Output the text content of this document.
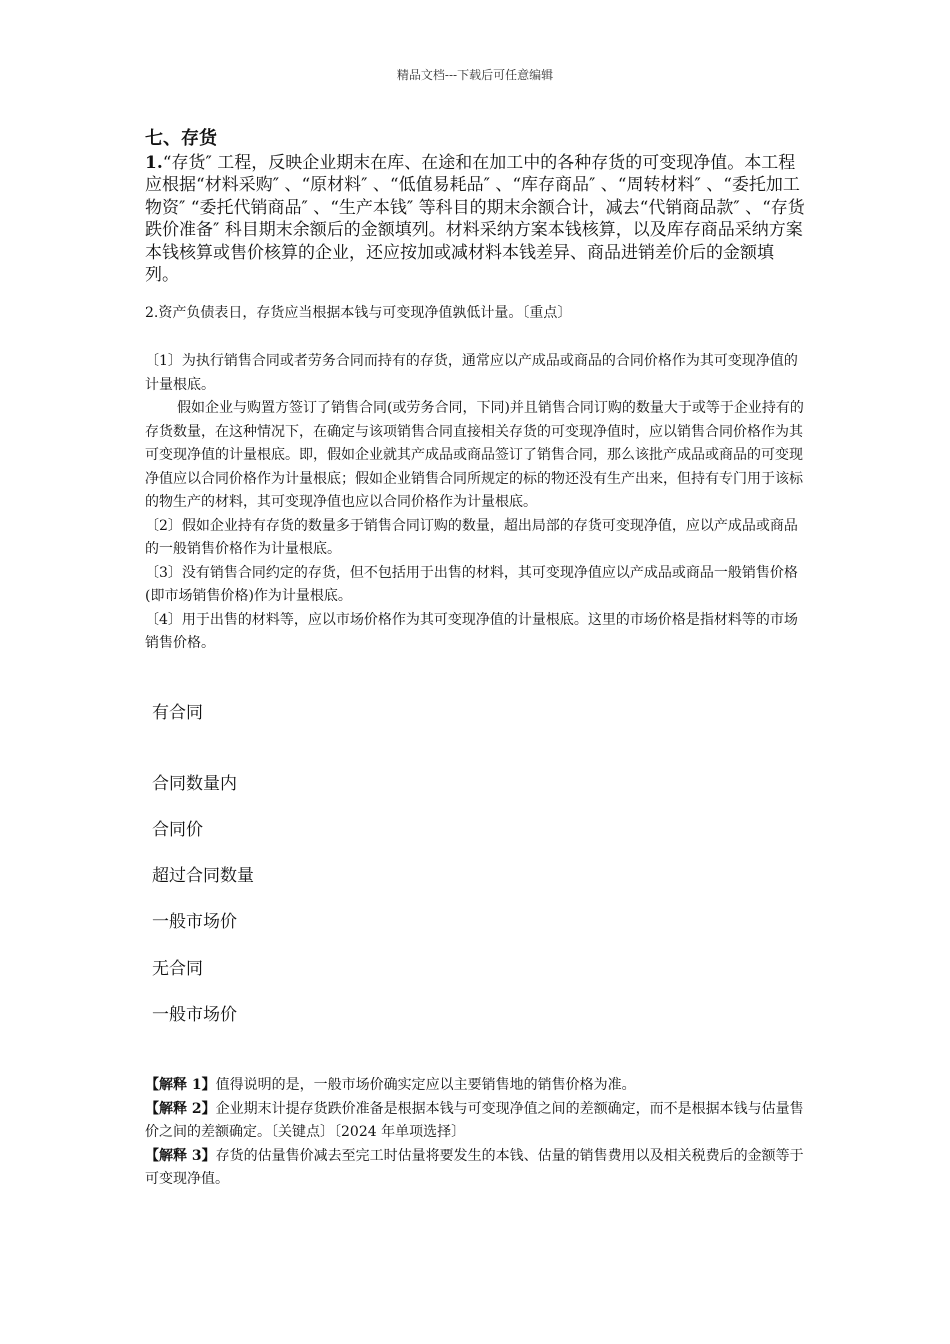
精品文档---下载后可任意编辑
七、存货
1.“存货″ 工程，反映企业期末在库、在途和在加工中的各种存货的可变现净值。本工程应根据“材料采购″ 、“原材料″ 、“低值易耗品″ 、“库存商品″ 、“周转材料″ 、“委托加工物资″ “委托代销商品″ 、“生产本钱″ 等科目的期末余额合计，减去“代销商品款″ 、“存货跌价准备″ 科目期末余额后的金额填列。材料采纳方案本钱核算，以及库存商品采纳方案本钱核算或售价核算的企业，还应按加或减材料本钱差异、商品进销差价后的金额填列。
2.资产负债表日，存货应当根据本钱与可变现净值孰低计量。〔重点〕

〔1〕为执行销售合同或者劳务合同而持有的存货，通常应以产成品或商品的合同价格作为其可变现净值的计量根底。

假如企业与购置方签订了销售合同(或劳务合同，下同)并且销售合同订购的数量大于或等于企业持有的存货数量，在这种情况下，在确定与该项销售合同直接相关存货的可变现净值时，应以销售合同价格作为其可变现净值的计量根底。即，假如企业就其产成品或商品签订了销售合同，那么该批产成品或商品的可变现净值应以合同价格作为计量根底；假如企业销售合同所规定的标的物还没有生产出来，但持有专门用于该标的物生产的材料，其可变现净值也应以合同价格作为计量根底。

〔2〕假如企业持有存货的数量多于销售合同订购的数量，超出局部的存货可变现净值，应以产成品或商品的一般销售价格作为计量根底。

〔3〕没有销售合同约定的存货，但不包括用于出售的材料，其可变现净值应以产成品或商品一般销售价格(即市场销售价格)作为计量根底。

〔4〕用于出售的材料等，应以市场价格作为其可变现净值的计量根底。这里的市场价格是指材料等的市场销售价格。

有合同
合同数量内
合同价
超过合同数量
一般市场价
无合同
一般市场价

【解释 1】值得说明的是，一般市场价确实定应以主要销售地的销售价格为准。

【解释 2】企业期末计提存货跌价准备是根据本钱与可变现净值之间的差额确定，而不是根据本钱与估量售价之间的差额确定。〔关键点〕〔2024 年单项选择〕

【解释 3】存货的估量售价减去至完工时估量将要发生的本钱、估量的销售费用以及相关税费后的金额等于可变现净值。
